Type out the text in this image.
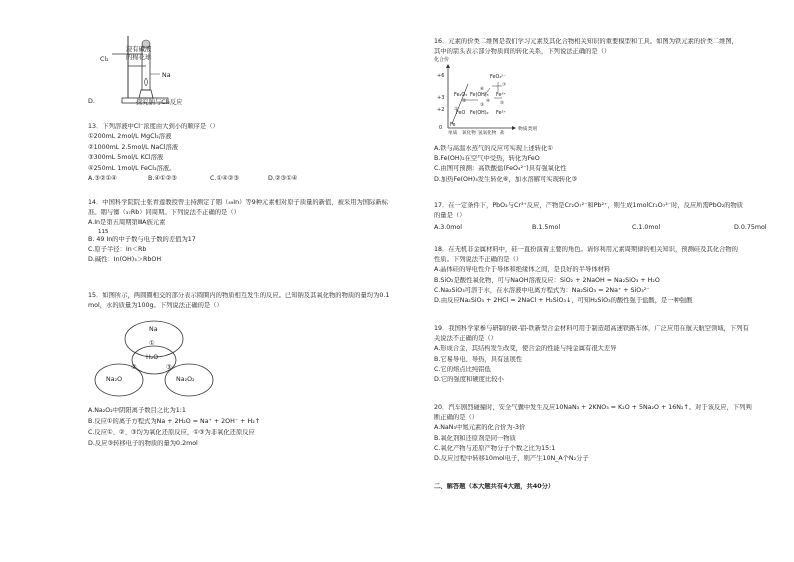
D.
Cl₂
浸有碱液
的棉花球
Na
探究钠与Cl₂反应
13．下列溶液中Cl⁻浓度由大到小的顺序是（）
①200mL 2mol/L MgCl₂溶液
②1000mL 2.5mol/L NaCl溶液
③300mL 5mol/L KCl溶液
④250mL 1mol/L FeCl₃溶液。
A.③②①④	B.④①②③	C.①④②③	D.②③①④
14．中国科学院院士张青莲教授曾主持测定了铟（₄₉In）等9种元素相对原子质量的新值，被采用为国际新标
准。铟与铷（₃₇Rb）同周期。下列说法不正确的是（）
A.In是第五周期第ⅢA族元素
115
B. 49 In的中子数与电子数的差值为17
C.原子半径：In＜Rb
D.碱性：In(OH)₃＞RbOH
15．如图所示，两圆圈相交的部分表示圆圈内的物质相互发生的反应。已知钠及其氧化物的物质的量均为0.1
mol，水的质量为100g。下列说法正确的是（）
Na
①
H₂O
②	③
Na₂O	Na₂O₂
A.Na₂O₂中阴阳离子数目之比为1:1
B.反应①的离子方程式为Na + 2H₂O = Na⁺ + 2OH⁻ + H₂↑
C.反应①、②、③均为氧化还原反应，①③为非氧化还原反应
D.反应③转移电子的物质的量为0.2mol
16．元素的价类二维图是我们学习元素及其化合物相关知识的重要模型和工具。如图为铁元素的价类二维图，
其中的箭头表示部分物质间的转化关系，下列说法正确的是（）
化合价
+6
+3
+2
0
FeO₄²⁻
Fe₂O₃ Fe(OH)₃ Fe³⁺
FeO Fe(OH)₂ Fe²⁺
Fe
①
②
③
④ ⑤
⑥
⑦
单质 氧化物 氢氧化物 盐
物质类别
A.铁与高温水蒸气的反应可实现上述转化①
B.Fe(OH)₂在空气中受热，转化为FeO
C.由图可预测：高铁酸盐(FeO₄²⁻)具有强氧化性
D.加热Fe(OH)₃发生转化⑥，加水溶解可实现转化③
17．在一定条件下，PbO₂与Cr³⁺反应，产物是Cr₂O₇²⁻和Pb²⁺，则生成1molCr₂O₇²⁻时，反应所需PbO₂的物质
的量是（）
A.3.0mol	B.1.5mol	C.1.0mol	D.0.75mol
18．在无机非金属材料中，硅一直扮演着主要的角色。请你利用元素周期律的相关知识，预测硅及其化合物的
性质。下列说法不正确的是（）
A.晶体硅的导电性介于导体和绝缘体之间，是良好的半导体材料
B.SiO₂是酸性氧化物，可与NaOH溶液反应：SiO₂ + 2NaOH = Na₂SiO₃ + H₂O
C.Na₂SiO₃可溶于水，在水溶液中电离方程式为：Na₂SiO₃ = 2Na⁺ + SiO₃²⁻
D.由反应Na₂SiO₃ + 2HCl = 2NaCl + H₂SiO₃↓，可知H₂SiO₃的酸性强于盐酸，是一种强酸
19．我国科学家参与研制的铍-铝-铁新型合金材料可用于制造超高速铁路车体，广泛应用在航天航空领域，下列有
关说法不正确的是（）
A.形成合金，其结构发生改变，使合金的性能与纯金属有很大差异
B.它易导电、导热，具有延展性
C.它的熔点比纯铝低
D.它的强度和硬度比较小
20．汽车剧烈碰撞时，安全气囊中发生反应10NaN₃ + 2KNO₃ = K₂O + 5Na₂O + 16N₂↑。对于该反应，下列判
断正确的是（）
A.NaN₃中氮元素的化合价为-3价
B.氧化剂和还原剂是同一物质
C.氧化产物与还原产物分子个数之比为15:1
D.反应过程中转移10mol电子，则产生10N_A个N₂分子
二、解答题（本大题共有4大题，共40分）
